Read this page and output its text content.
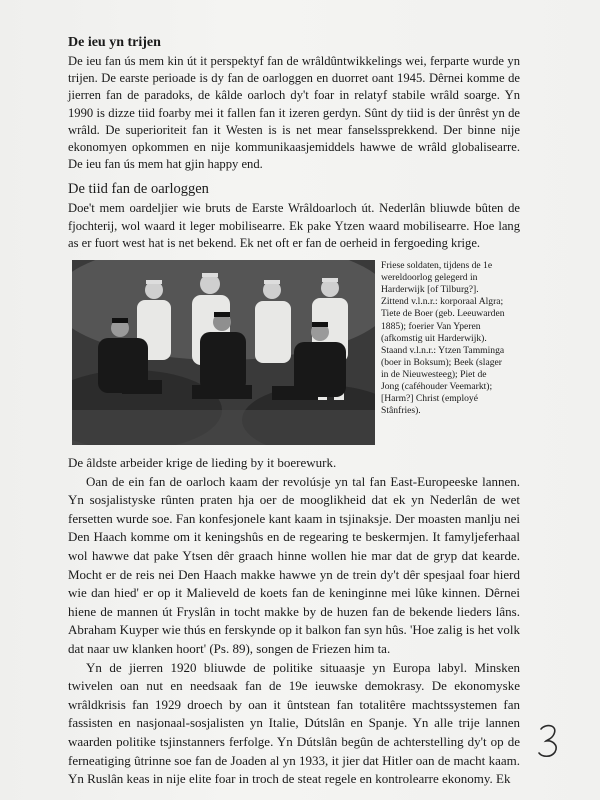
De ieu yn trijen

De ieu fan ús mem kin út it perspektyf fan de wrâldûntwikkelings wei, ferparte wurde yn trijen. De earste perioade is dy fan de oarloggen en duorret oant 1945. Dêrnei komme de jierren fan de paradoks, de kâlde oarloch dy't foar in relatyf stabile wrâld soarge. Yn 1990 is dizze tiid foarby mei it fallen fan it izeren gerdyn. Sûnt dy tiid is der ûnrêst yn de wrâld. De superioriteit fan it Westen is is net mear fanselssprekkend. Der binne nije ekonomyen opkommen en nije kommunikaasjemiddels hawwe de wrâld globalisearre. De ieu fan ús mem hat gjin happy end.

De tiid fan de oarloggen

Doe't mem oardeljier wie bruts de Earste Wrâldoarloch út. Nederlân bliuwde bûten de fjochterij, wol waard it leger mobilisearre. Ek pake Ytzen waard mobilisearre. Hoe lang as er fuort west hat is net bekend. Ek net oft er fan de oerheid in fergoeding krige.

Friese soldaten, tijdens de 1e
wereldoorlog gelegerd in
Harderwijk [of Tilburg?].
Zittend v.l.n.r.: korporaal Algra;
Tiete de Boer (geb. Leeuwarden
1885); foerier Van Yperen
(afkomstig uit Harderwijk).
Staand v.l.n.r.: Ytzen Tamminga
(boer in Boksum); Beek (slager
in de Nieuwesteeg); Piet de
Jong (caféhouder Veemarkt);
[Harm?] Christ (employé
Stânfries).

De âldste arbeider krige de lieding by it boerewurk.

Oan de ein fan de oarloch kaam der revolúsje yn tal fan East-Europeeske lannen. Yn sosjalistyske rûnten praten hja oer de mooglikheid dat ek yn Nederlân de wet fersetten wurde soe. Fan konfesjonele kant kaam in tsjinaksje. Der moasten manlju nei Den Haach komme om it keningshûs en de regearing te beskermjen. It famyljeferhaal wol hawwe dat pake Ytsen dêr graach hinne wollen hie mar dat de gryp dat kearde. Mocht er de reis nei Den Haach makke hawwe yn de trein dy't dêr spesjaal foar hierd wie dan hied' er op it Malieveld de koets fan de keninginne mei lûke kinnen. Dêrnei hiene de mannen út Fryslân in tocht makke by de huzen fan de bekende lieders lâns. Abraham Kuyper wie thús en ferskynde op it balkon fan syn hûs. 'Hoe zalig is het volk dat naar uw klanken hoort' (Ps. 89), songen de Friezen him ta.

Yn de jierren 1920 bliuwde de politike situaasje yn Europa labyl. Minsken twivelen oan nut en needsaak fan de 19e ieuwske demokrasy. De ekonomyske wrâldkrisis fan 1929 droech by oan it ûntstean fan totalitêre machtssystemen fan fassisten en nasjonaal-sosjalisten yn Italie, Dútslân en Spanje. Yn alle trije lannen waarden politike tsjinstanners ferfolge. Yn Dútslân begûn de achterstelling dy't op de ferneatiging ûtrinne soe fan de Joaden al yn 1933, it jier dat Hitler oan de macht kaam. Yn Ruslân keas in nije elite foar in troch de steat regele en kontrolearre ekonomy. Ek
